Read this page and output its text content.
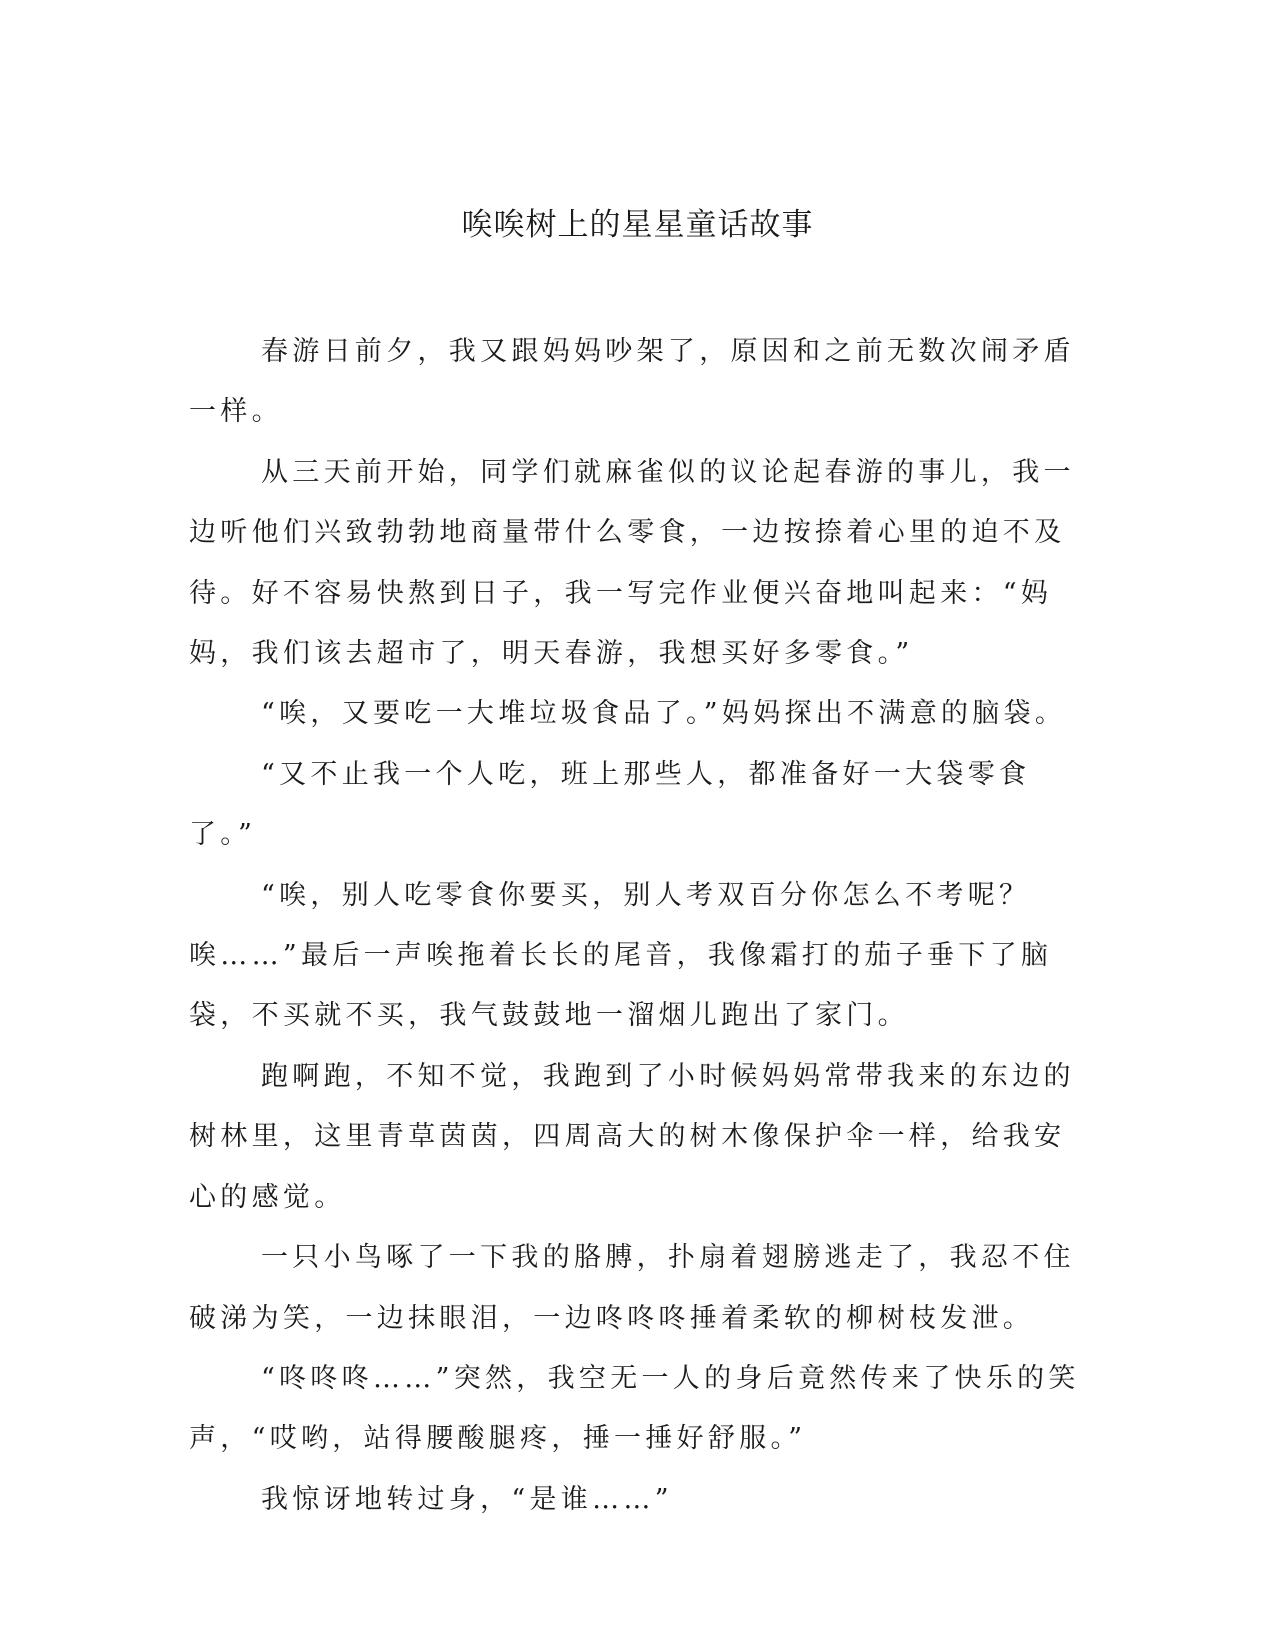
唉唉树上的星星童话故事

春游日前夕，我又跟妈妈吵架了，原因和之前无数次闹矛盾一样。

从三天前开始，同学们就麻雀似的议论起春游的事儿，我一边听他们兴致勃勃地商量带什么零食，一边按捺着心里的迫不及待。好不容易快熬到日子，我一写完作业便兴奋地叫起来：“妈妈，我们该去超市了，明天春游，我想买好多零食。”

“唉，又要吃一大堆垃圾食品了。”妈妈探出不满意的脑袋。

“又不止我一个人吃，班上那些人，都准备好一大袋零食了。”

“唉，别人吃零食你要买，别人考双百分你怎么不考呢？唉……”最后一声唉拖着长长的尾音，我像霜打的茄子垂下了脑袋，不买就不买，我气鼓鼓地一溜烟儿跑出了家门。

跑啊跑，不知不觉，我跑到了小时候妈妈常带我来的东边的树林里，这里青草茵茵，四周高大的树木像保护伞一样，给我安心的感觉。

一只小鸟啄了一下我的胳膊，扑扇着翅膀逃走了，我忍不住破涕为笑，一边抹眼泪，一边咚咚咚捶着柔软的柳树枝发泄。

“咚咚咚……”突然，我空无一人的身后竟然传来了快乐的笑声，“哎哟，站得腰酸腿疼，捶一捶好舒服。”

我惊讶地转过身，“是谁……”
